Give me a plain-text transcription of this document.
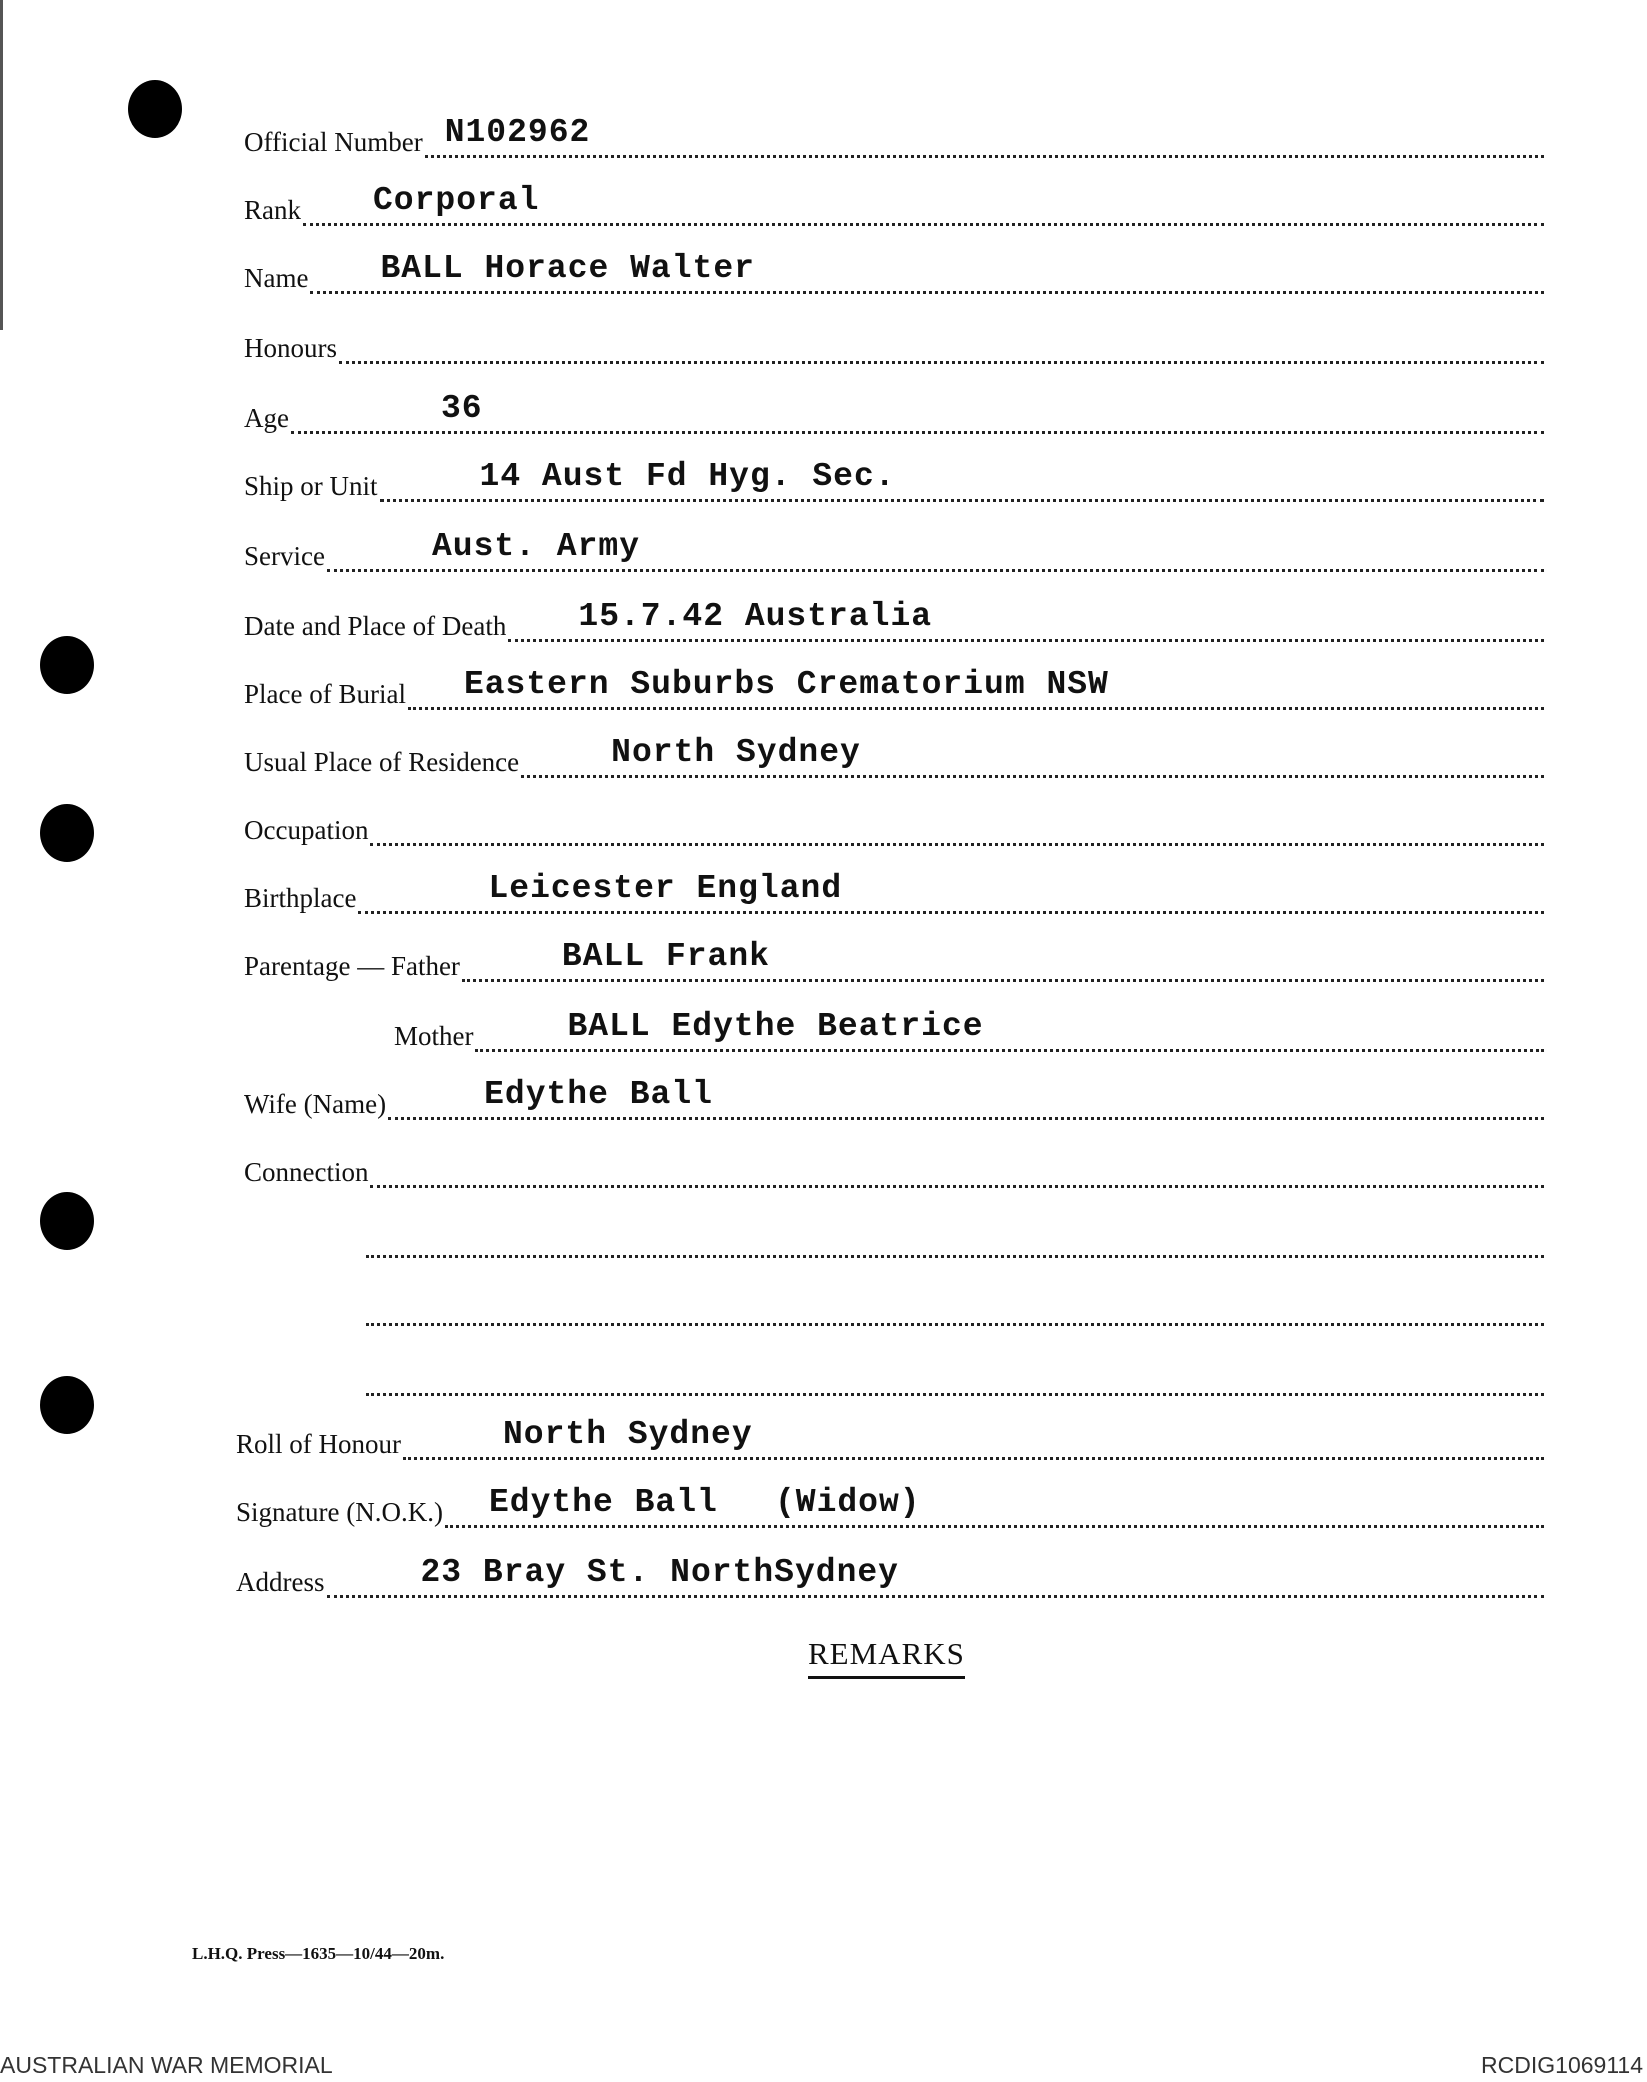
Official Number N102962
Rank Corporal
Name BALL Horace Walter
Honours
Age	36
Ship or Unit	14 Aust Fd Hyg. Sec.
Service	Aust. Army
Date and Place of Death 15.7.42 Australia
Place of Burial Eastern Suburbs Crematorium NSW
Usual Place of Residence	North Sydney
Occupation
Birthplace	Leicester England
Parentage — Father	BALL Frank
Mother	BALL Edythe Beatrice
Wife (Name)	Edythe Ball
Connection
Roll of Honour	North Sydney
Signature (N.O.K.) Edythe Ball (Widow)
Address	23 Bray St. NorthSydney
REMARKS
L.H.Q. Press—1635—10/44—20m.
AUSTRALIAN WAR MEMORIAL	RCDIG1069114
